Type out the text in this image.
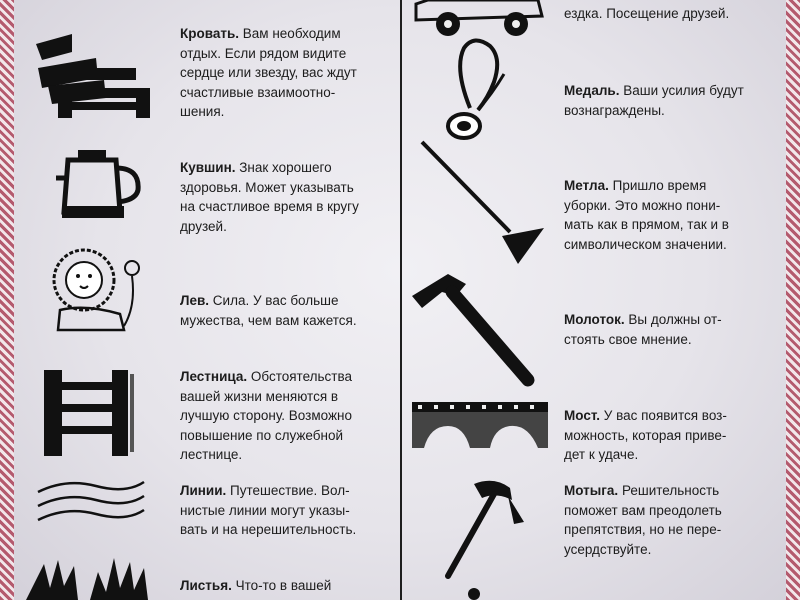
Кровать. Вам необходим
отдых. Если рядом видите
сердце или звезду, вас ждут
счастливые взаимоотно-
шения.
Кувшин. Знак хорошего
здоровья. Может указывать
на счастливое время в кругу
друзей.
Лев. Сила. У вас больше
мужества, чем вам кажется.
Лестница. Обстоятельства
вашей жизни меняются в
лучшую сторону. Возможно
повышение по служебной
лестнице.
Линии. Путешествие. Вол-
нистые линии могут указы-
вать и на нерешительность.
Листья. Что-то в вашей
ездка. Посещение друзей.
Медаль. Ваши усилия будут
вознаграждены.
Метла. Пришло время
уборки. Это можно пони-
мать как в прямом, так и в
символическом значении.
Молоток. Вы должны от-
стоять свое мнение.
Мост. У вас появится воз-
можность, которая приве-
дет к удаче.
Мотыга. Решительность
поможет вам преодолеть
препятствия, но не пере-
усердствуйте.
